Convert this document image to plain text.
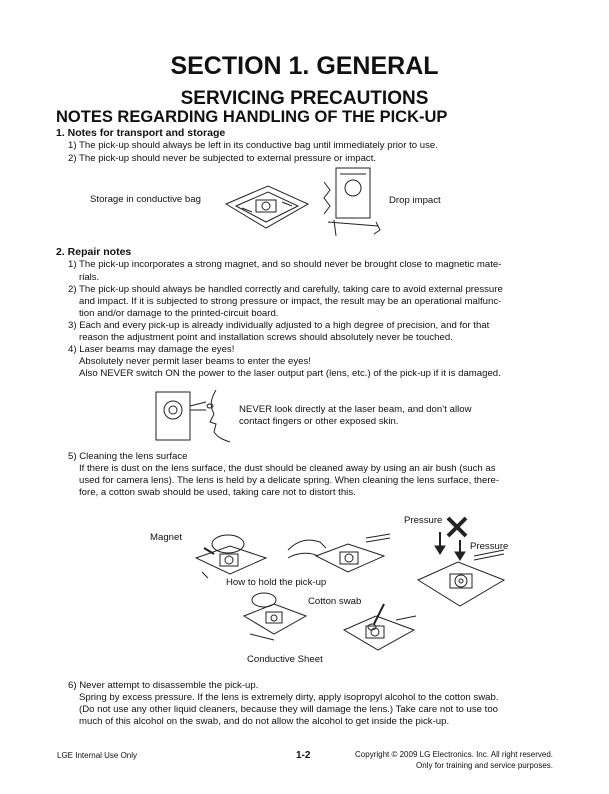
SECTION 1. GENERAL
SERVICING PRECAUTIONS
NOTES REGARDING HANDLING OF THE PICK-UP
1. Notes for transport and storage
1) The pick-up should always be left in its conductive bag until immediately prior to use.
2) The pick-up should never be subjected to external pressure or impact.
Storage in conductive bag	Drop impact
2. Repair notes
1) The pick-up incorporates a strong magnet, and so should never be brought close to magnetic mate-
rials.
2) The pick-up should always be handled correctly and carefully, taking care to avoid external pressure
and impact. If it is subjected to strong pressure or impact, the result may be an operational malfunc-
tion and/or damage to the printed-circuit board.
3) Each and every pick-up is already individually adjusted to a high degree of precision, and for that
reason the adjustment point and installation screws should absolutely never be touched.
4) Laser beams may damage the eyes!
Absolutely never permit laser beams to enter the eyes!
Also NEVER switch ON the power to the laser output part (lens, etc.) of the pick-up if it is damaged.
NEVER look directly at the laser beam, and don’t allow
contact fingers or other exposed skin.
5) Cleaning the lens surface
If there is dust on the lens surface, the dust should be cleaned away by using an air bush (such as
used for camera lens). The lens is held by a delicate spring. When cleaning the lens surface, there-
fore, a cotton swab should be used, taking care not to distort this.
Pressure
Pressure
Magnet
How to hold the pick-up
Cotton swab
Conductive Sheet
6) Never attempt to disassemble the pick-up.
Spring by excess pressure. If the lens is extremely dirty, apply isopropyl alcohol to the cotton swab.
(Do not use any other liquid cleaners, because they will damage the lens.) Take care not to use too
much of this alcohol on the swab, and do not allow the alcohol to get inside the pick-up.
LGE Internal Use Only	1-2	Copyright © 2009 LG Electronics. Inc. All right reserved.
Only for training and service purposes.
